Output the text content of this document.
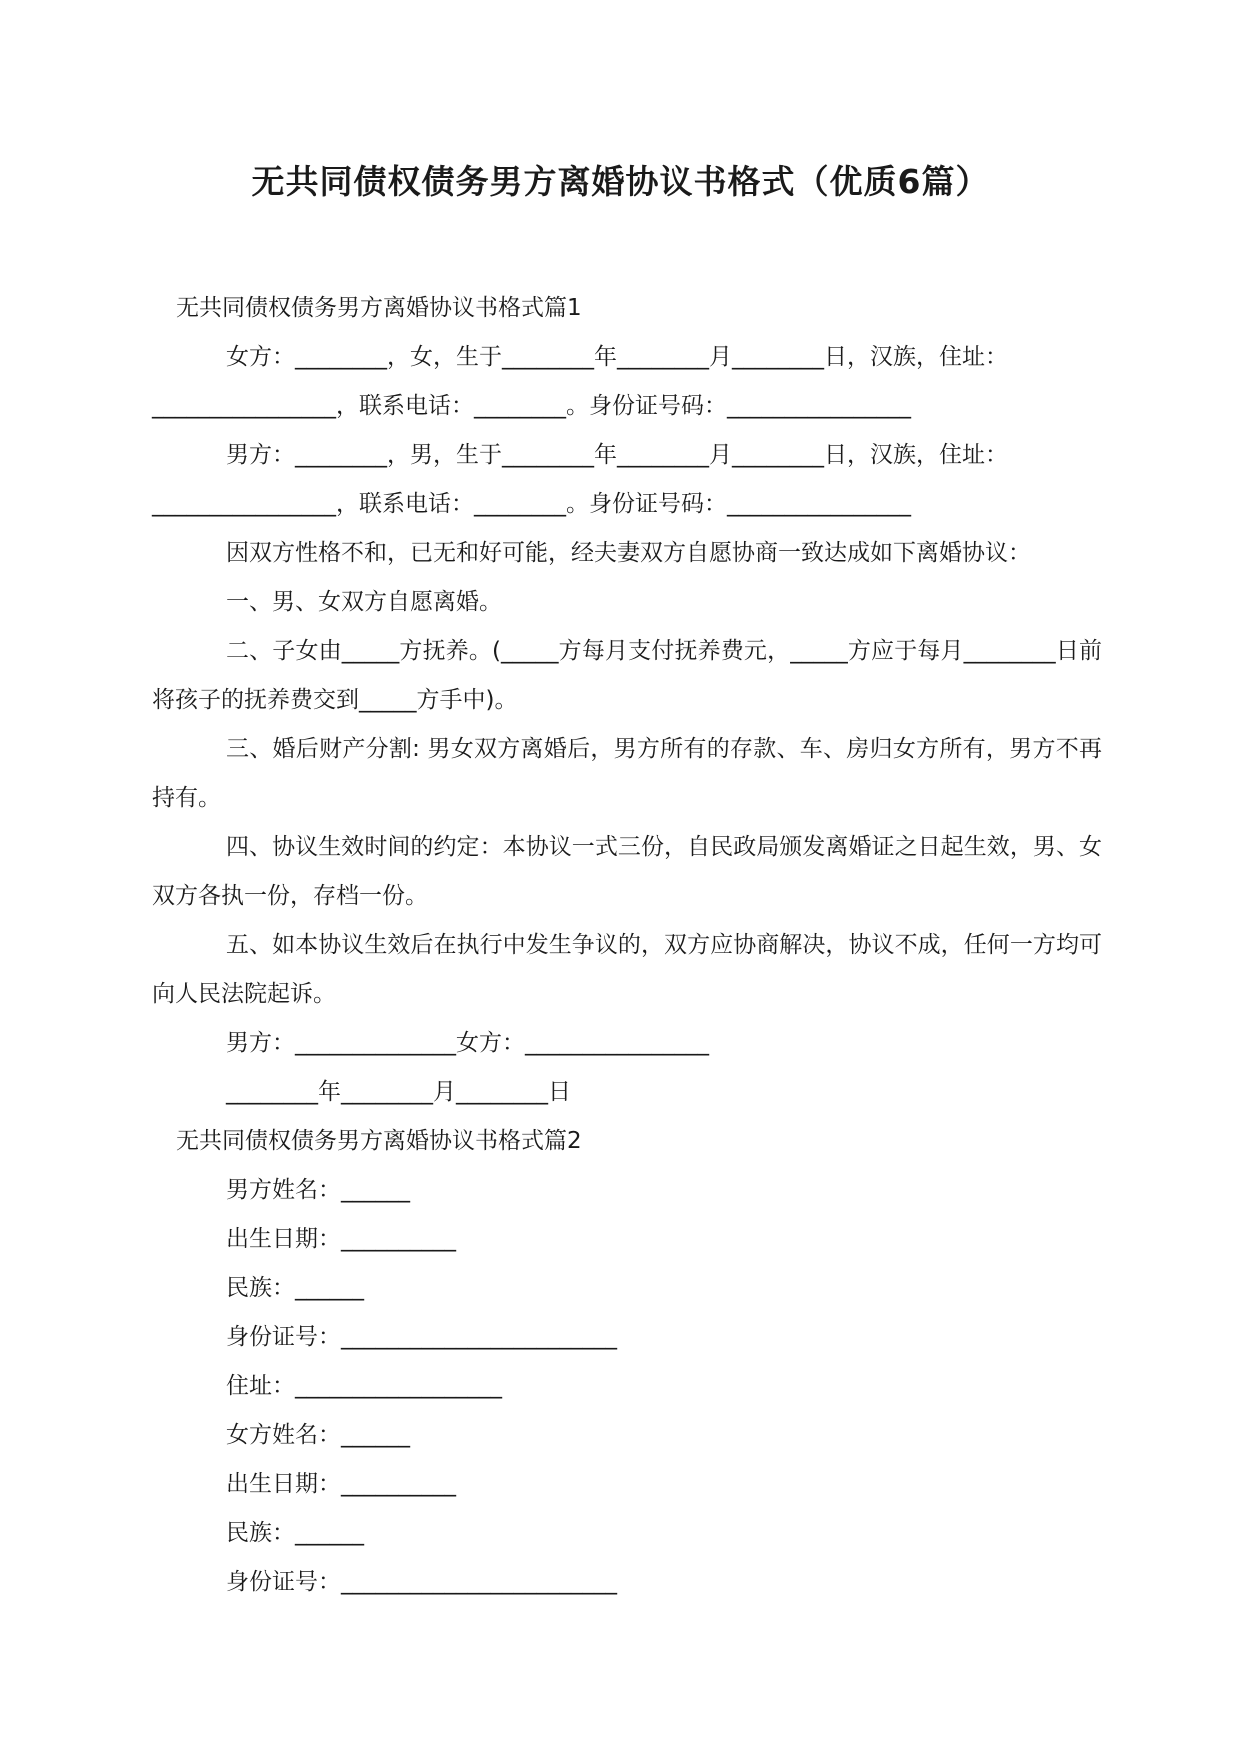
无共同债权债务男方离婚协议书格式（优质6篇）
无共同债权债务男方离婚协议书格式篇1
女方：________，女，生于________年________月________日，汉族，住址：
________________，联系电话：________。身份证号码：________________
男方：________，男，生于________年________月________日，汉族，住址：
________________，联系电话：________。身份证号码：________________
因双方性格不和，已无和好可能，经夫妻双方自愿协商一致达成如下离婚协议：
一、男、女双方自愿离婚。
二、子女由_____方抚养。(_____方每月支付抚养费元，_____方应于每月________日前将孩子的抚养费交到_____方手中)。
三、婚后财产分割: 男女双方离婚后，男方所有的存款、车、房归女方所有，男方不再持有。
四、协议生效时间的约定：本协议一式三份，自民政局颁发离婚证之日起生效，男、女双方各执一份，存档一份。
五、如本协议生效后在执行中发生争议的，双方应协商解决，协议不成，任何一方均可向人民法院起诉。
男方：______________女方：________________
________年________月________日
无共同债权债务男方离婚协议书格式篇2
男方姓名：______
出生日期：__________
民族：______
身份证号：________________________
住址：__________________
女方姓名：______
出生日期：__________
民族：______
身份证号：________________________
